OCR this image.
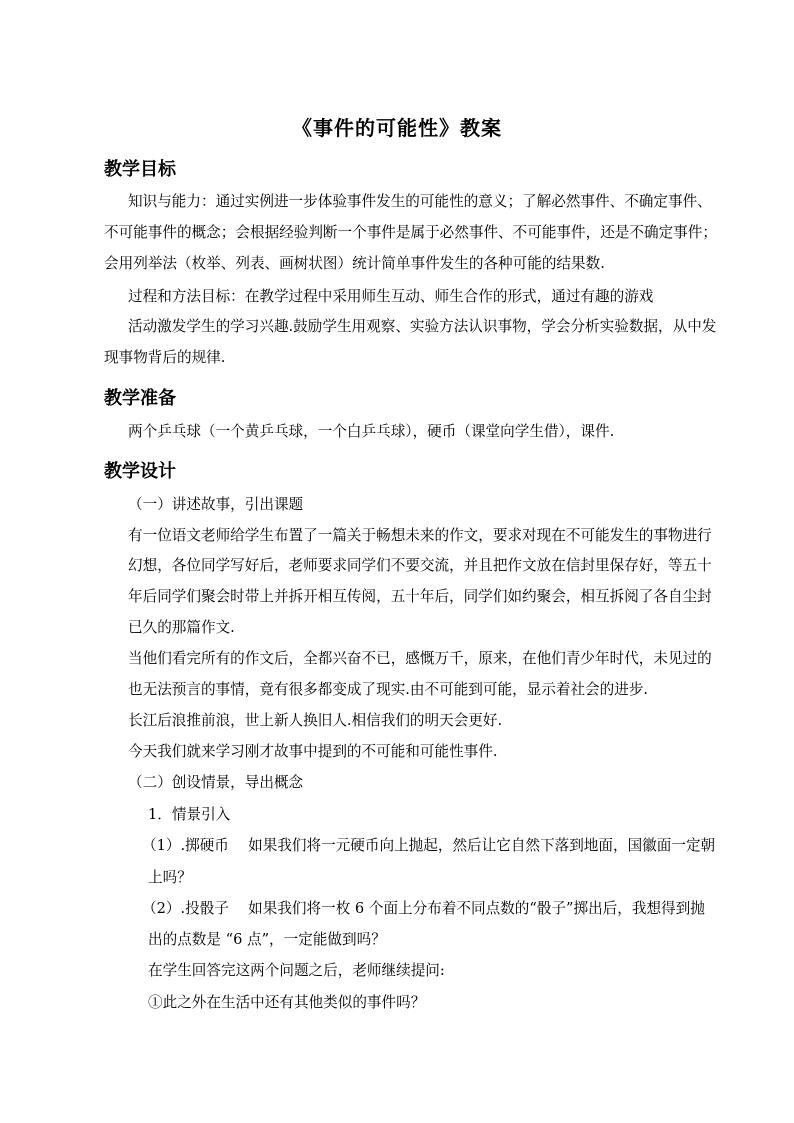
《事件的可能性》教案
教学目标
知识与能力：通过实例进一步体验事件发生的可能性的意义；了解必然事件、不确定事件、
不可能事件的概念；会根据经验判断一个事件是属于必然事件、不可能事件，还是不确定事件；
会用列举法（枚举、列表、画树状图）统计简单事件发生的各种可能的结果数.
过程和方法目标：在教学过程中采用师生互动、师生合作的形式，通过有趣的游戏
活动激发学生的学习兴趣.鼓励学生用观察、实验方法认识事物，学会分析实验数据，从中发
现事物背后的规律.
教学准备
两个乒乓球（一个黄乒乓球，一个白乒乓球），硬币（课堂向学生借），课件.
教学设计
（一）讲述故事，引出课题
有一位语文老师给学生布置了一篇关于畅想未来的作文，要求对现在不可能发生的事物进行
幻想，各位同学写好后，老师要求同学们不要交流，并且把作文放在信封里保存好，等五十
年后同学们聚会时带上并拆开相互传阅，五十年后，同学们如约聚会，相互拆阅了各自尘封
已久的那篇作文.
当他们看完所有的作文后，全都兴奋不已，感慨万千，原来，在他们青少年时代，未见过的
也无法预言的事情，竟有很多都变成了现实.由不可能到可能，显示着社会的进步.
长江后浪推前浪，世上新人换旧人.相信我们的明天会更好.
今天我们就来学习刚才故事中提到的不可能和可能性事件.
（二）创设情景，导出概念
1．情景引入
（1）.掷硬币　 如果我们将一元硬币向上抛起，然后让它自然下落到地面，国徽面一定朝
上吗？
（2）.投骰子　 如果我们将一枚 6 个面上分布着不同点数的“骰子”掷出后，我想得到抛
出的点数是 “6 点”，一定能做到吗？
在学生回答完这两个问题之后，老师继续提问:
①此之外在生活中还有其他类似的事件吗？
